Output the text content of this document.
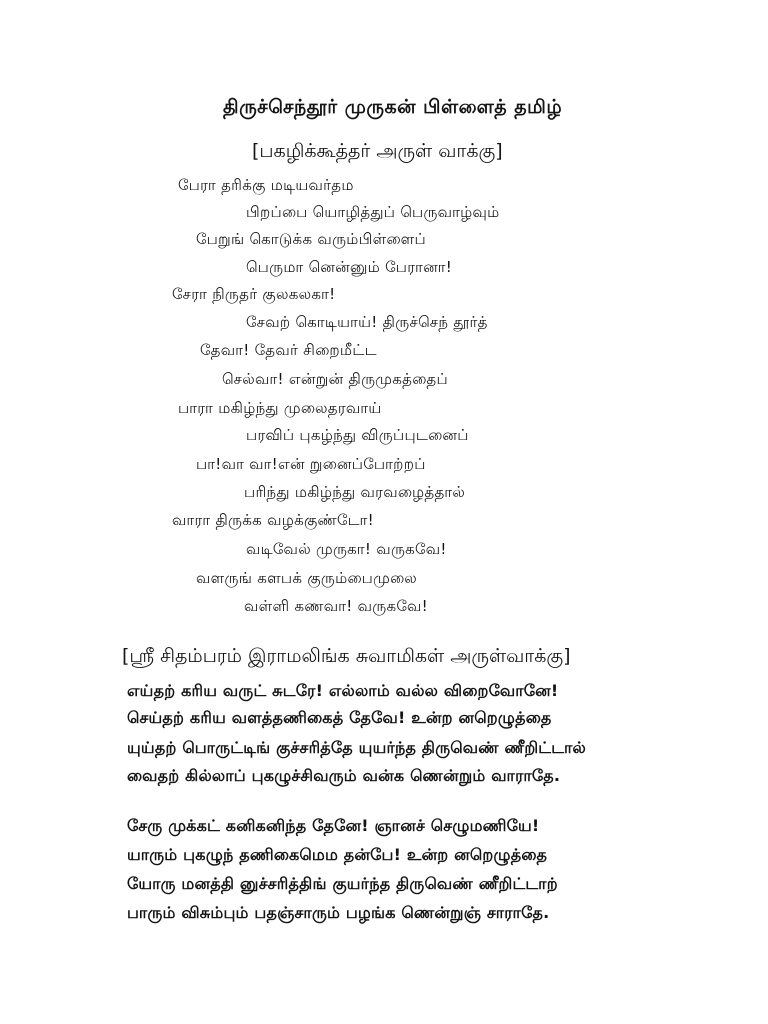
திருச்செந்தூர் முருகன் பிள்ளைத் தமிழ்
[பகழிக்கூத்தர் அருள் வாக்கு]
பேரா தரிக்கு மடியவர்தம
பிறப்பை யொழித்துப் பெருவாழ்வும்
பேறுங் கொடுக்க வரும்பிள்ளைப்
பெருமா னென்னும் பேரானா!
சேரா நிருதர் குலகலகா!
சேவற் கொடியாய்! திருச்செந் தூர்த்
தேவா! தேவர் சிறைமீட்ட
செல்வா! என்றுன் திருமுகத்தைப்
பாரா மகிழ்ந்து முலைதரவாய்
பரவிப் புகழ்ந்து விருப்புடனைப்
பா!வா வா!என் றுனைப்போற்றப்
பரிந்து மகிழ்ந்து வரவழைத்தால்
வாரா திருக்க வழக்குண்டோ!
வடிவேல் முருகா! வருகவே!
வளருங் களபக் குரும்பைமுலை
வள்ளி கணவா! வருகவே!
[ஸ்ரீ சிதம்பரம் இராமலிங்க சுவாமிகள் அருள்வாக்கு]
எய்தற் கரிய வருட் சுடரே! எல்லாம் வல்ல விறைவோனே!
செய்தற் கரிய வளத்தணிகைத் தேவே! உன்ற னறெழுத்தை
யுய்தற் பொருட்டிங் குச்சரித்தே யுயர்ந்த திருவெண் ணீறிட்டால்
வைதற் கில்லாப் புகழுச்சிவரும் வன்க ணென்றும் வாராதே.
சேரு முக்கட் கனிகனிந்த தேனே! ஞானச் செழுமணியே!
யாரும் புகழுந் தணிகைமெம தன்பே! உன்ற னறெழுத்தை
யோரு மனத்தி னுச்சரித்திங் குயர்ந்த திருவெண் ணீறிட்டாற்
பாரும் விசும்பும் பதஞ்சாரும் பழங்க ணென்றுஞ் சாராதே.
